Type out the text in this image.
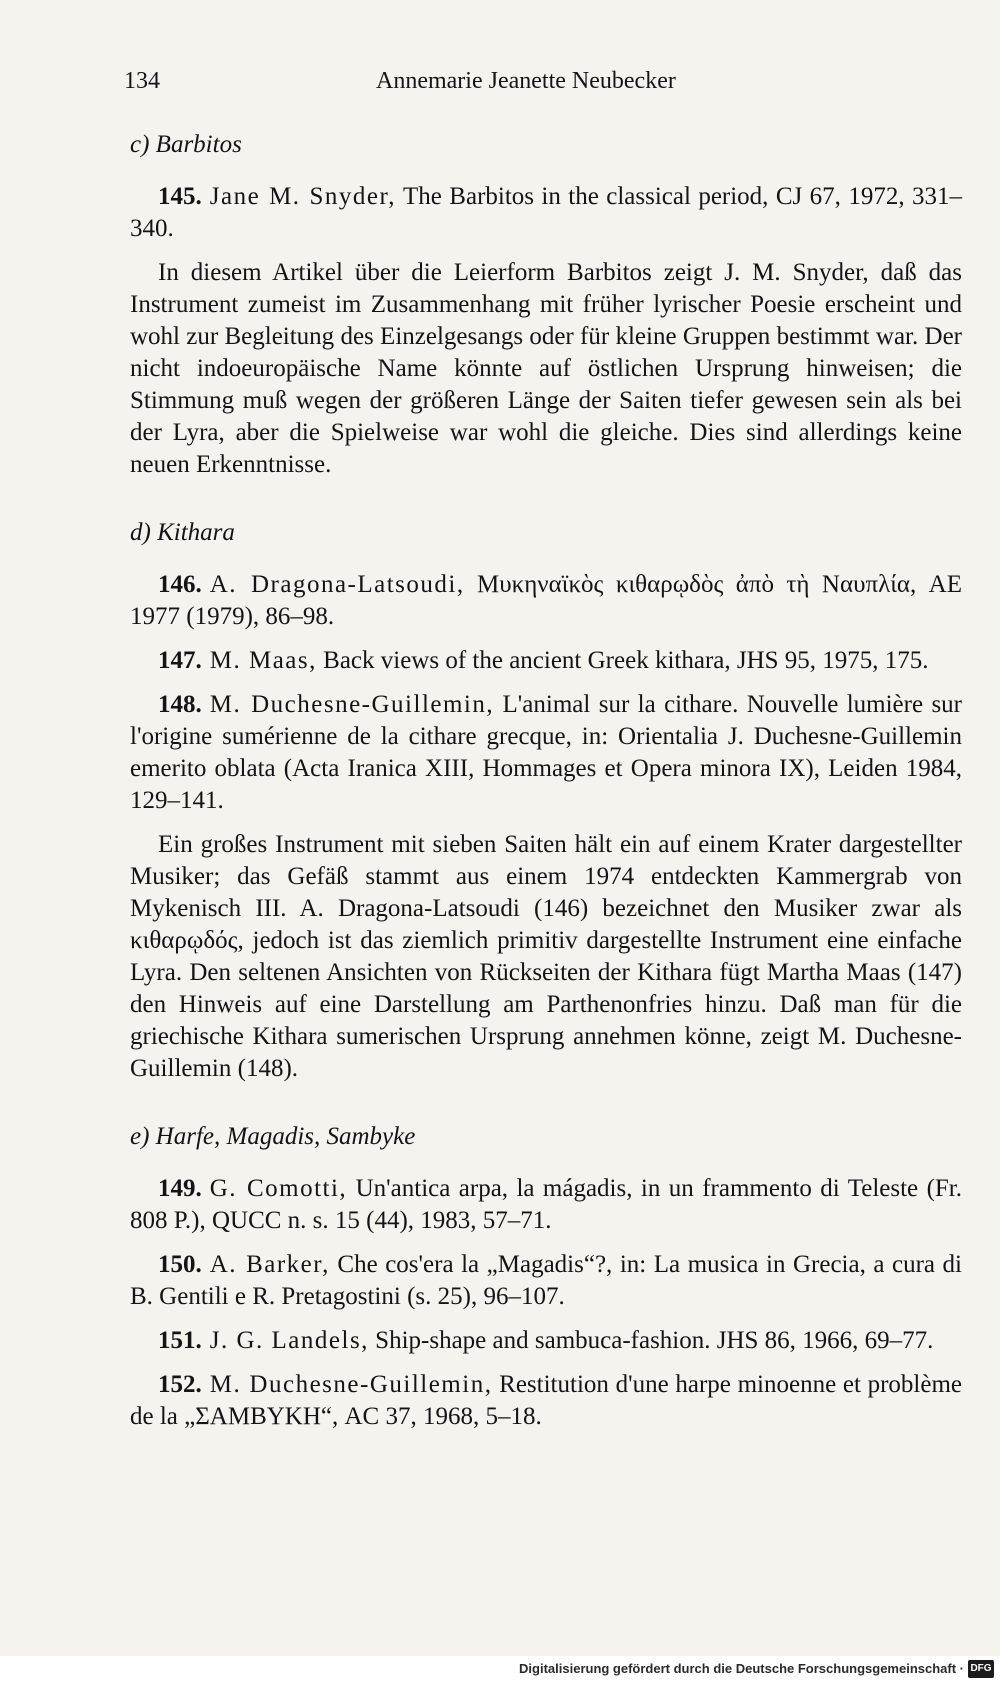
134	Annemarie Jeanette Neubecker

c) Barbitos

145. Jane M. Snyder, The Barbitos in the classical period, CJ 67, 1972, 331–340.

In diesem Artikel über die Leierform Barbitos zeigt J. M. Snyder, daß das Instrument zumeist im Zusammenhang mit früher lyrischer Poesie erscheint und wohl zur Begleitung des Einzelgesangs oder für kleine Gruppen bestimmt war. Der nicht indoeuropäische Name könnte auf östlichen Ursprung hinweisen; die Stimmung muß wegen der größeren Länge der Saiten tiefer gewesen sein als bei der Lyra, aber die Spielweise war wohl die gleiche. Dies sind allerdings keine neuen Erkenntnisse.

d) Kithara

146. A. Dragona-Latsoudi, Μυκηναϊκὸς κιθαρῳδὸς ἀπὸ τὴ Ναυπλία, AE 1977 (1979), 86–98.

147. M. Maas, Back views of the ancient Greek kithara, JHS 95, 1975, 175.

148. M. Duchesne-Guillemin, L'animal sur la cithare. Nouvelle lumière sur l'origine sumérienne de la cithare grecque, in: Orientalia J. Duchesne-Guillemin emerito oblata (Acta Iranica XIII, Hommages et Opera minora IX), Leiden 1984, 129–141.

Ein großes Instrument mit sieben Saiten hält ein auf einem Krater dargestellter Musiker; das Gefäß stammt aus einem 1974 entdeckten Kammergrab von Mykenisch III. A. Dragona-Latsoudi (146) bezeichnet den Musiker zwar als κιθαρῳδός, jedoch ist das ziemlich primitiv dargestellte Instrument eine einfache Lyra. Den seltenen Ansichten von Rückseiten der Kithara fügt Martha Maas (147) den Hinweis auf eine Darstellung am Parthenonfries hinzu. Daß man für die griechische Kithara sumerischen Ursprung annehmen könne, zeigt M. Duchesne-Guillemin (148).

e) Harfe, Magadis, Sambyke

149. G. Comotti, Un'antica arpa, la mágadis, in un frammento di Teleste (Fr. 808 P.), QUCC n. s. 15 (44), 1983, 57–71.

150. A. Barker, Che cos'era la „Magadis“?, in: La musica in Grecia, a cura di B. Gentili e R. Pretagostini (s. 25), 96–107.

151. J. G. Landels, Ship-shape and sambuca-fashion. JHS 86, 1966, 69–77.

152. M. Duchesne-Guillemin, Restitution d'une harpe minoenne et problème de la „ΣΑΜΒΥΚΗ“, AC 37, 1968, 5–18.

Digitalisierung gefördert durch die Deutsche Forschungsgemeinschaft · DFG
